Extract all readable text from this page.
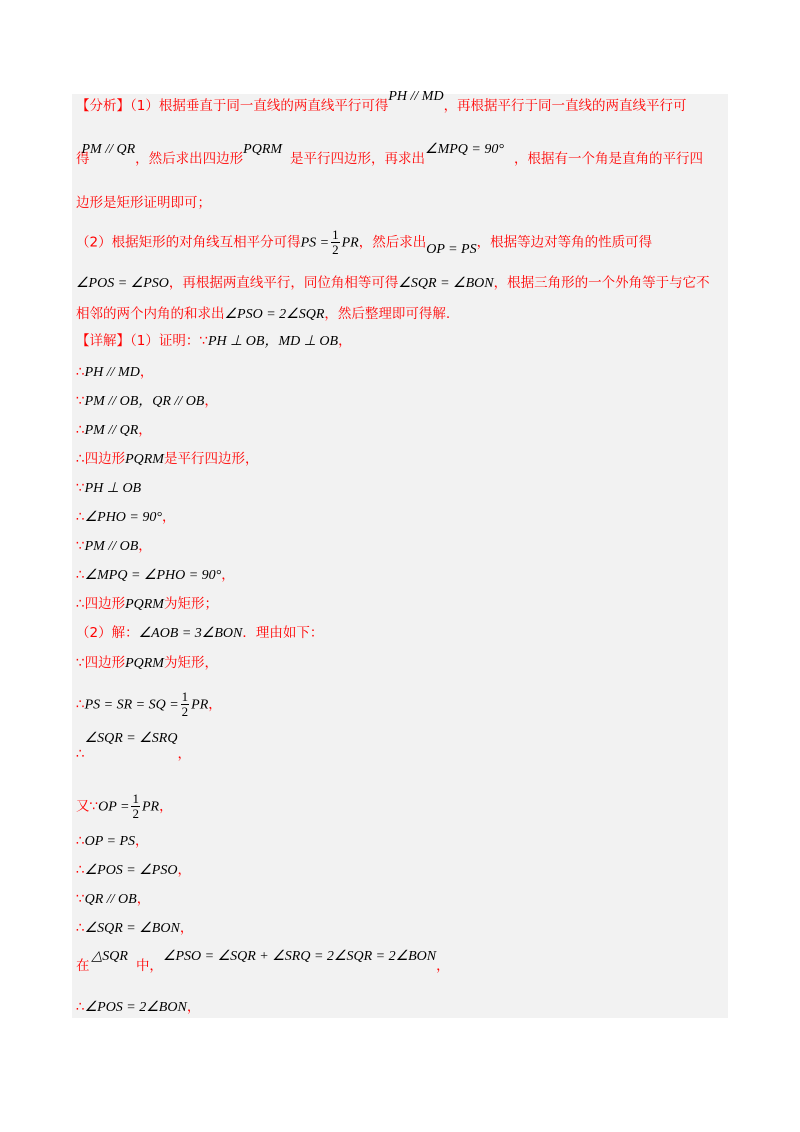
【分析】（1）根据垂直于同一直线的两直线平行可得PH // MD，再根据平行于同一直线的两直线平行可
得PM // QR，然后求出四边形PQRM是平行四边形，再求出∠MPQ = 90°，根据有一个角是直角的平行四
边形是矩形证明即可；
（2）根据矩形的对角线互相平分可得PS = $\frac{1}{2}$ PR，然后求出OP = PS，根据等边对等角的性质可得
∠POS = ∠PSO，再根据两直线平行，同位角相等可得∠SQR = ∠BON，根据三角形的一个外角等于与它不
相邻的两个内角的和求出∠PSO = 2∠SQR，然后整理即可得解.
【详解】（1）证明：∵PH ⊥ OB，MD ⊥ OB，
∴PH // MD，
∵PM // OB，QR // OB，
∴PM // QR，
∴四边形PQRM是平行四边形，
∵PH ⊥ OB
∴∠PHO = 90°，
∵PM // OB，
∴∠MPQ = ∠PHO = 90°，
∴四边形PQRM为矩形；
（2）解：∠AOB = 3∠BON．理由如下：
∵四边形PQRM为矩形，
∴PS = SR = SQ = $\frac{1}{2}$ PR，
∴∠SQR = ∠SRQ，
又∵OP = $\frac{1}{2}$ PR，
∴OP = PS，
∴∠POS = ∠PSO，
∵QR // OB，
∴∠SQR = ∠BON，
在△SQR中，∠PSO = ∠SQR + ∠SRQ = 2∠SQR = 2∠BON，
∴∠POS = 2∠BON，
